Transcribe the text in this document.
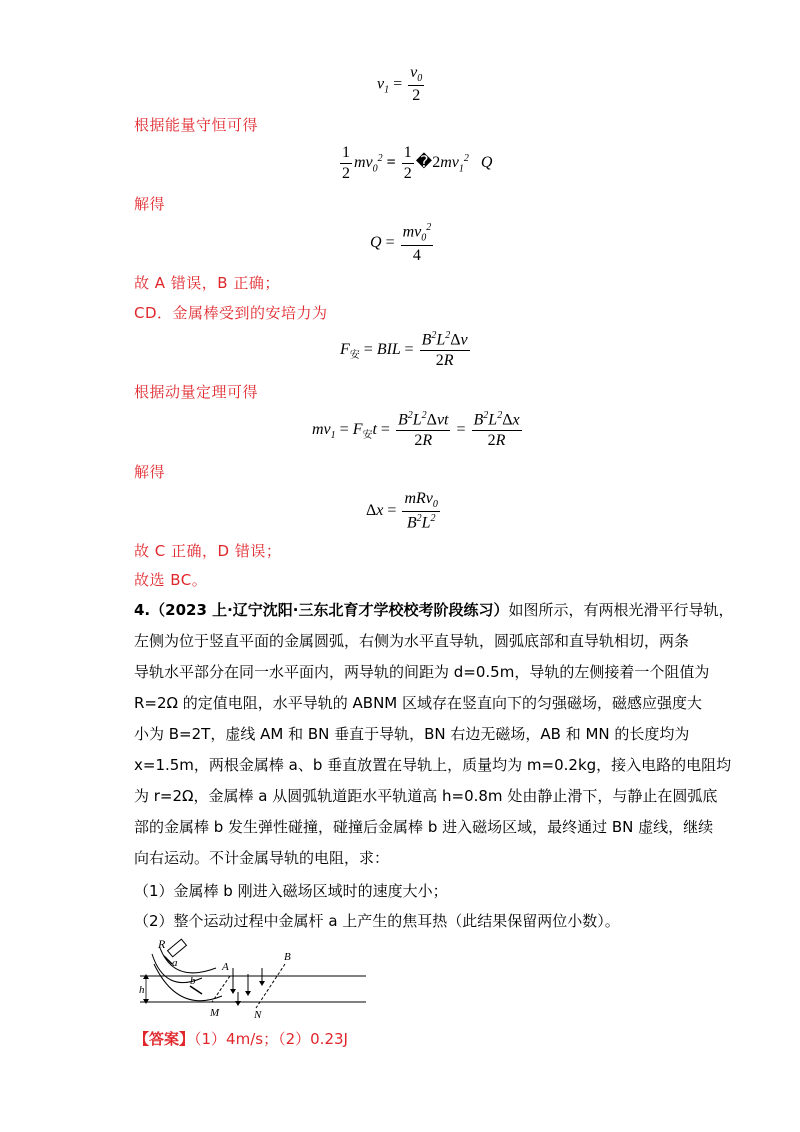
$v_1 = \frac{v_0}{2}$
根据能量守恒可得
$\frac{1}{2} mv_0^2 = \frac{1}{2}$ $�2mv_1^2$   Q
解得
$Q = \frac{mv_0^2}{4}$
故 A 错误，B 正确；
CD．金属棒受到的安培力为
$F_安$ = BIL = $\frac{B^2L^2\Delta v}{2R}$
根据动量定理可得
$mv_1 = F_安t = \frac{B^2L^2\Delta vt}{2R} = \frac{B^2L^2\Delta x}{2R}$
解得
$\Delta x = \frac{mRv_0}{B^2L^2}$
故 C 正确，D 错误；
故选 BC。
4.（2023 上·辽宁沈阳·三东北育才学校校考阶段练习）如图所示，有两根光滑平行导轨，
左侧为位于竖直平面的金属圆弧，右侧为水平直导轨，圆弧底部和直导轨相切，两条
导轨水平部分在同一水平面内，两导轨的间距为 d=0.5m，导轨的左侧接着一个阻值为
R=2Ω 的定值电阻，水平导轨的 ABNM 区域存在竖直向下的匀强磁场，磁感应强度大
小为 B=2T，虚线 AM 和 BN 垂直于导轨，BN 右边无磁场，AB 和 MN 的长度均为
x=1.5m，两根金属棒 a、b 垂直放置在导轨上，质量均为 m=0.2kg，接入电路的电阻均
为 r=2Ω，金属棒 a 从圆弧轨道距水平轨道高 h=0.8m 处由静止滑下，与静止在圆弧底
部的金属棒 b 发生弹性碰撞，碰撞后金属棒 b 进入磁场区域，最终通过 BN 虚线，继续
向右运动。不计金属导轨的电阻，求：
（1）金属棒 b 刚进入磁场区域时的速度大小；
（2）整个运动过程中金属杆 a 上产生的焦耳热（此结果保留两位小数）。
R
a
h
b
A
B
M	N
【答案】（1）4m/s；（2）0.23J
